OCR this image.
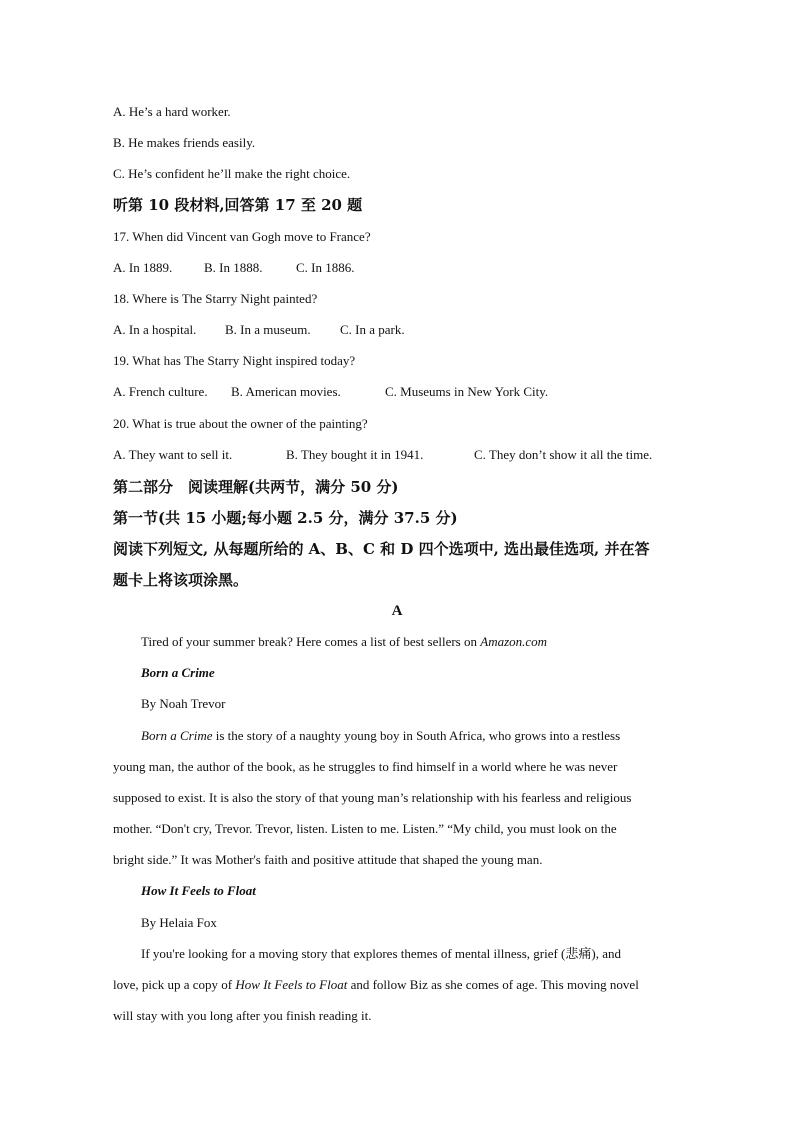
A. He’s a hard worker.
B. He makes friends easily.
C. He’s confident he’ll make the right choice.
听第 10 段材料,回答第 17 至 20 题
17. When did Vincent van Gogh move to France?
A. In 1889. B. In 1888.	C. In 1886.
18. Where is The Starry Night painted?
A. In a hospital. B. In a museum. C. In a park.
19. What has The Starry Night inspired today?
A. French culture. B. American movies.	C. Museums in New York City.
20. What is true about the owner of the painting?
A. They want to sell it.	B. They bought it in 1941.	C. They don’t show it all the time.
第二部分　阅读理解(共两节，满分 50 分)
第一节(共 15 小题;每小题 2.5 分，满分 37.5 分)
阅读下列短文, 从每题所给的 A、B、C 和 D 四个选项中, 选出最佳选项, 并在答
题卡上将该项涂黑。
A
Tired of your summer break? Here comes a list of best sellers on Amazon.com
Born a Crime
By Noah Trevor
Born a Crime is the story of a naughty young boy in South Africa, who grows into a restless
young man, the author of the book, as he struggles to find himself in a world where he was never
supposed to exist. It is also the story of that young man’s relationship with his fearless and religious
mother. “Don't cry, Trevor. Trevor, listen. Listen to me. Listen.” “My child, you must look on the
bright side.” It was Mother's faith and positive attitude that shaped the young man.
How It Feels to Float
By Helaia Fox
If you're looking for a moving story that explores themes of mental illness, grief (悲痛), and
love, pick up a copy of How It Feels to Float and follow Biz as she comes of age. This moving novel
will stay with you long after you finish reading it.
